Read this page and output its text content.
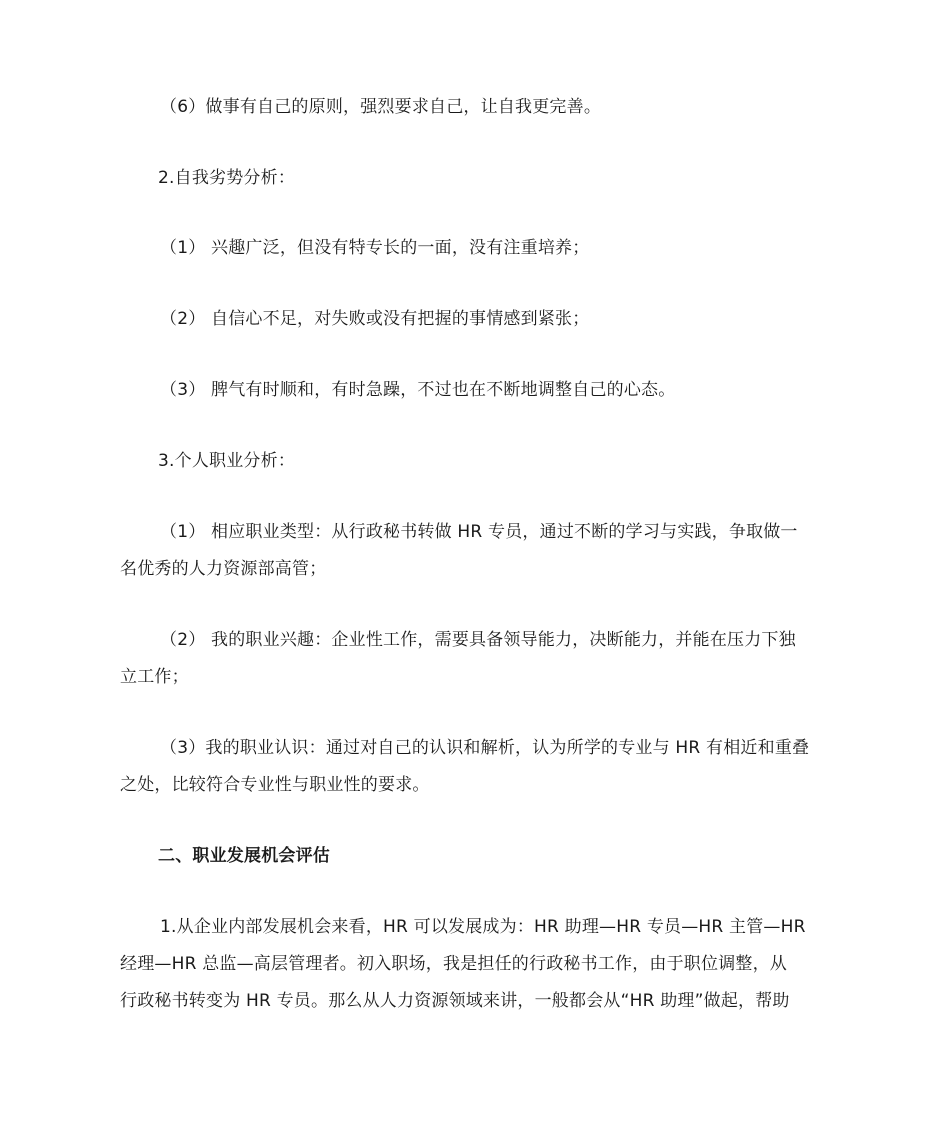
（6）做事有自己的原则，强烈要求自己，让自我更完善。

2.自我劣势分析：

（1） 兴趣广泛，但没有特专长的一面，没有注重培养；

（2） 自信心不足，对失败或没有把握的事情感到紧张；

（3） 脾气有时顺和，有时急躁，不过也在不断地调整自己的心态。

3.个人职业分析：

（1） 相应职业类型：从行政秘书转做 HR 专员，通过不断的学习与实践，争取做一

名优秀的人力资源部高管；

（2） 我的职业兴趣：企业性工作，需要具备领导能力，决断能力，并能在压力下独

立工作；

（3）我的职业认识：通过对自己的认识和解析，认为所学的专业与 HR 有相近和重叠

之处，比较符合专业性与职业性的要求。

二、职业发展机会评估

1.从企业内部发展机会来看，HR 可以发展成为：HR 助理—HR 专员—HR 主管—HR

经理—HR 总监—高层管理者。初入职场，我是担任的行政秘书工作，由于职位调整，从

行政秘书转变为 HR 专员。那么从人力资源领域来讲，一般都会从“HR 助理”做起，帮助
